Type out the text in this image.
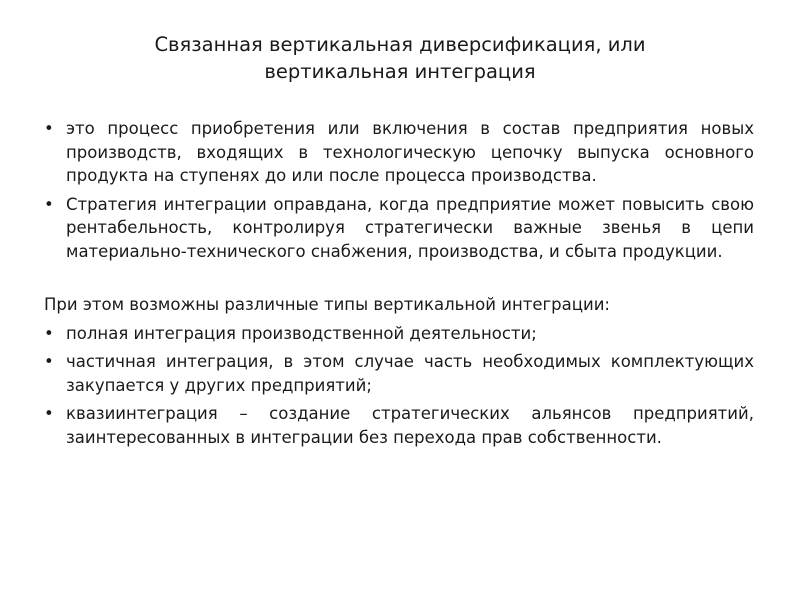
Связанная вертикальная диверсификация, или
вертикальная интеграция
• это процесс приобретения или включения в состав предприятия новых производств, входящих в технологическую цепочку выпуска основного продукта на ступенях до или после процесса производства.
• Стратегия интеграции оправдана, когда предприятие может повысить свою рентабельность, контролируя стратегически важные звенья в цепи материально-технического снабжения, производства, и сбыта продукции.
При этом возможны различные типы вертикальной интеграции:
• полная интеграция производственной деятельности;
• частичная интеграция, в этом случае часть необходимых комплектующих закупается у других предприятий;
• квазиинтеграция – создание стратегических альянсов предприятий, заинтересованных в интеграции без перехода прав собственности.
